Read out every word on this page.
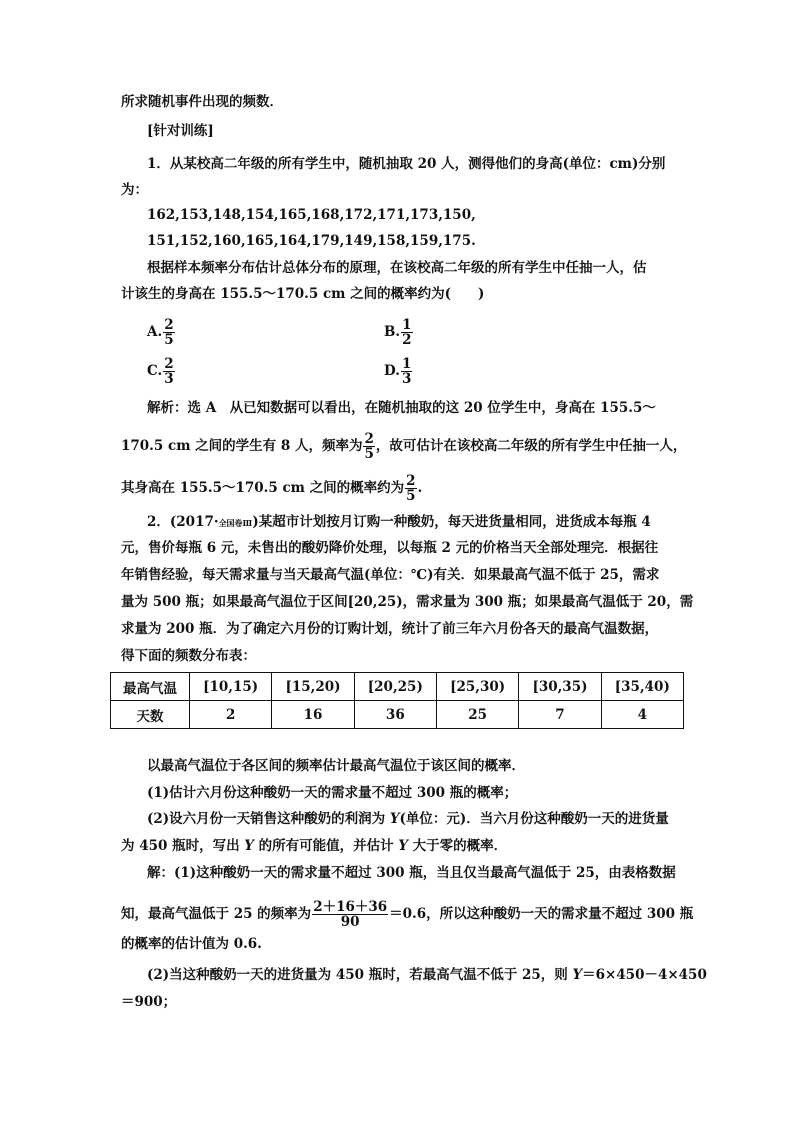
所求随机事件出现的频数．
[针对训练]
1．从某校高二年级的所有学生中，随机抽取 20 人，测得他们的身高(单位：cm)分别
为：
162,153,148,154,165,168,172,171,173,150,
151,152,160,165,164,179,149,158,159,175.
根据样本频率分布估计总体分布的原理，在该校高二年级的所有学生中任抽一人，估
计该生的身高在 155.5～170.5 cm 之间的概率约为(　　)
A. $\frac{2}{5}$	B. $\frac{1}{2}$
C. $\frac{2}{3}$	D. $\frac{1}{3}$
解析：选 A　从已知数据可以看出，在随机抽取的这 20 位学生中，身高在 155.5～
170.5 cm 之间的学生有 8 人，频率为 $\frac{2}{5}$ ，故可估计在该校高二年级的所有学生中任抽一人，
其身高在 155.5～170.5 cm 之间的概率约为 $\frac{2}{5}$ .
2．(2017·全国卷Ⅲ)某超市计划按月订购一种酸奶，每天进货量相同，进货成本每瓶 4
元，售价每瓶 6 元，未售出的酸奶降价处理，以每瓶 2 元的价格当天全部处理完．根据往
年销售经验，每天需求量与当天最高气温(单位：℃)有关．如果最高气温不低于 25，需求
量为 500 瓶；如果最高气温位于区间[20,25)，需求量为 300 瓶；如果最高气温低于 20，需
求量为 200 瓶．为了确定六月份的订购计划，统计了前三年六月份各天的最高气温数据，
得下面的频数分布表：
最高气温	[10,15)	[15,20)	[20,25)	[25,30)	[30,35)	[35,40)
天数	2	16	36	25	7	4
以最高气温位于各区间的频率估计最高气温位于该区间的概率．
(1)估计六月份这种酸奶一天的需求量不超过 300 瓶的概率；
(2)设六月份一天销售这种酸奶的利润为 Y(单位：元)．当六月份这种酸奶一天的进货量
为 450 瓶时，写出 Y 的所有可能值，并估计 Y 大于零的概率．
解：(1)这种酸奶一天的需求量不超过 300 瓶，当且仅当最高气温低于 25，由表格数据
知，最高气温低于 25 的频率为 $\frac{2+16+36}{90} =0.6$，所以这种酸奶一天的需求量不超过 300 瓶
的概率的估计值为 0.6.
(2)当这种酸奶一天的进货量为 450 瓶时，若最高气温不低于 25，则 Y＝6×450－4×450
＝900；
